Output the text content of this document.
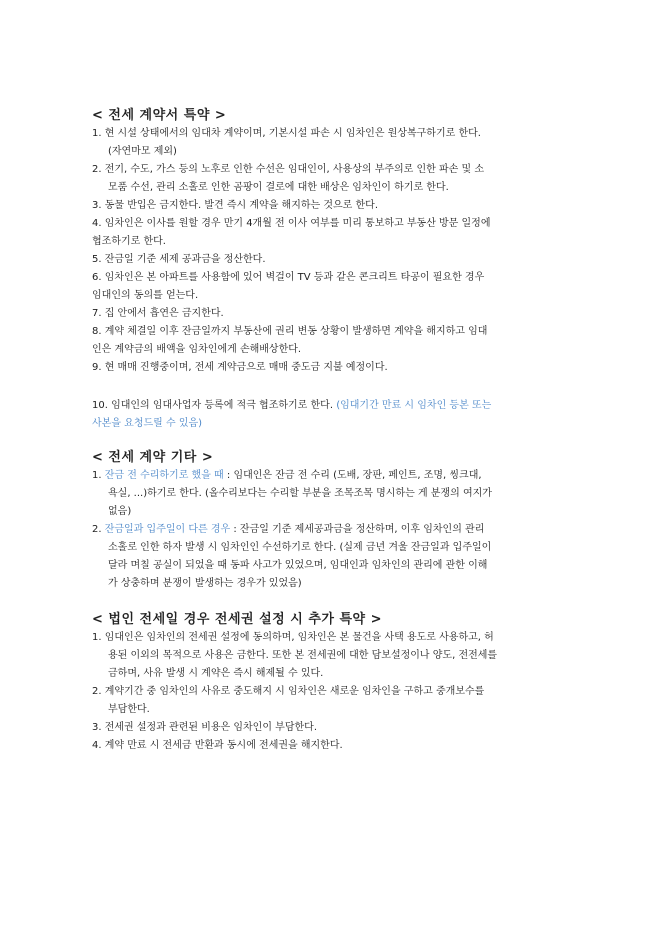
< 전세 계약서 특약 >
1. 현 시설 상태에서의 임대차 계약이며, 기본시설 파손 시 임차인은 원상복구하기로 한다.
(자연마모 제외)
2. 전기, 수도, 가스 등의 노후로 인한 수선은 임대인이, 사용상의 부주의로 인한 파손 및 소
모품 수선, 관리 소홀로 인한 곰팡이 결로에 대한 배상은 임차인이 하기로 한다.
3. 동물 반입은 금지한다. 발견 즉시 계약을 해지하는 것으로 한다.
4. 임차인은 이사를 원할 경우 만기 4개월 전 이사 여부를 미리 통보하고 부동산 방문 일정에
협조하기로 한다.
5. 잔금일 기준 세제 공과금을 정산한다.
6. 임차인은 본 아파트를 사용함에 있어 벽걸이 TV 등과 같은 콘크리트 타공이 필요한 경우
임대인의 동의를 얻는다.
7. 집 안에서 흡연은 금지한다.
8. 계약 체결일 이후 잔금일까지 부동산에 권리 변동 상황이 발생하면 계약을 해지하고 임대
인은 계약금의 배액을 임차인에게 손해배상한다.
9. 현 매매 진행중이며, 전세 계약금으로 매매 중도금 지불 예정이다.
10. 임대인의 임대사업자 등록에 적극 협조하기로 한다. (임대기간 만료 시 임차인 등본 또는
사본을 요청드릴 수 있음)
< 전세 계약 기타 >
1. 잔금 전 수리하기로 했을 때 : 임대인은 잔금 전 수리 (도배, 장판, 페인트, 조명, 씽크대,
욕실, ...)하기로 한다. (올수리보다는 수리할 부분을 조목조목 명시하는 게 분쟁의 여지가
없음)
2. 잔금일과 입주일이 다른 경우 : 잔금일 기준 제세공과금을 정산하며, 이후 임차인의 관리
소홀로 인한 하자 발생 시 임차인인 수선하기로 한다. (실제 금년 겨울 잔금일과 입주일이
달라 며칠 공실이 되었을 때 동파 사고가 있었으며, 임대인과 임차인의 관리에 관한 이해
가 상충하며 분쟁이 발생하는 경우가 있었음)
< 법인 전세일 경우 전세권 설정 시 추가 특약 >
1. 임대인은 임차인의 전세권 설정에 동의하며, 임차인은 본 물건을 사택 용도로 사용하고, 허
용된 이외의 목적으로 사용은 금한다. 또한 본 전세권에 대한 담보설정이나 양도, 전전세를
금하며, 사유 발생 시 계약은 즉시 해제될 수 있다.
2. 계약기간 중 임차인의 사유로 중도해지 시 임차인은 새로운 임차인을 구하고 중개보수를
부담한다.
3. 전세권 설정과 관련된 비용은 임차인이 부담한다.
4. 계약 만료 시 전세금 반환과 동시에 전세권을 해지한다.
